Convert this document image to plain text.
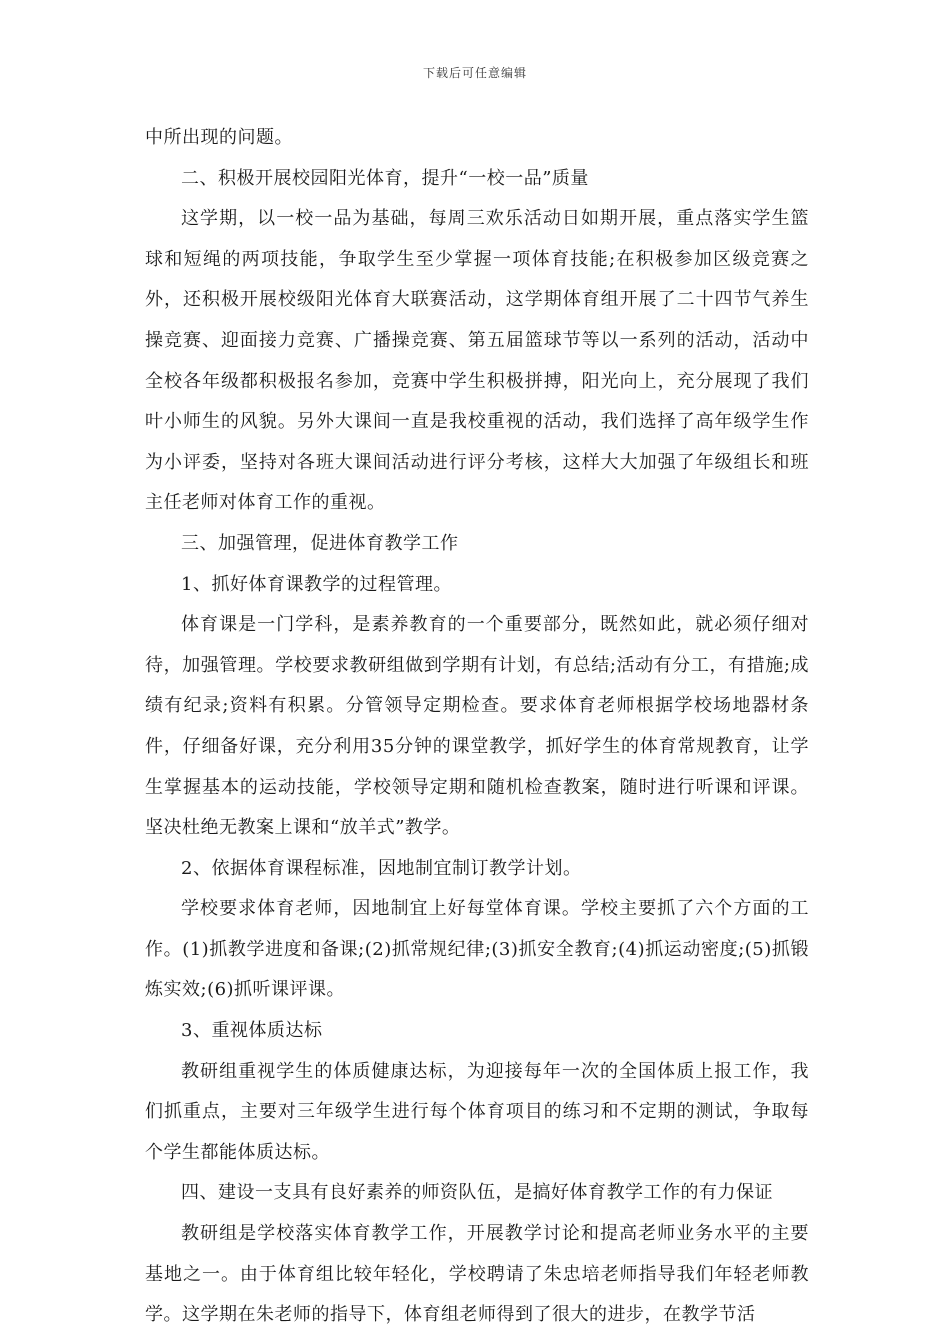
下载后可任意编辑

中所出现的问题。

二、积极开展校园阳光体育，提升“一校一品”质量

这学期，以一校一品为基础，每周三欢乐活动日如期开展，重点落实学生篮球和短绳的两项技能，争取学生至少掌握一项体育技能;在积极参加区级竞赛之外，还积极开展校级阳光体育大联赛活动，这学期体育组开展了二十四节气养生操竞赛、迎面接力竞赛、广播操竞赛、第五届篮球节等以一系列的活动，活动中全校各年级都积极报名参加，竞赛中学生积极拼搏，阳光向上，充分展现了我们叶小师生的风貌。另外大课间一直是我校重视的活动，我们选择了高年级学生作为小评委，坚持对各班大课间活动进行评分考核，这样大大加强了年级组长和班主任老师对体育工作的重视。

三、加强管理，促进体育教学工作

1、抓好体育课教学的过程管理。

体育课是一门学科，是素养教育的一个重要部分，既然如此，就必须仔细对待，加强管理。学校要求教研组做到学期有计划，有总结;活动有分工，有措施;成绩有纪录;资料有积累。分管领导定期检查。要求体育老师根据学校场地器材条件，仔细备好课，充分利用35分钟的课堂教学，抓好学生的体育常规教育，让学生掌握基本的运动技能，学校领导定期和随机检查教案，随时进行听课和评课。坚决杜绝无教案上课和“放羊式”教学。

2、依据体育课程标准，因地制宜制订教学计划。

学校要求体育老师，因地制宜上好每堂体育课。学校主要抓了六个方面的工作。(1)抓教学进度和备课;(2)抓常规纪律;(3)抓安全教育;(4)抓运动密度;(5)抓锻炼实效;(6)抓听课评课。

3、重视体质达标

教研组重视学生的体质健康达标，为迎接每年一次的全国体质上报工作，我们抓重点，主要对三年级学生进行每个体育项目的练习和不定期的测试，争取每个学生都能体质达标。

四、建设一支具有良好素养的师资队伍，是搞好体育教学工作的有力保证

教研组是学校落实体育教学工作，开展教学讨论和提高老师业务水平的主要基地之一。由于体育组比较年轻化，学校聘请了朱忠培老师指导我们年轻老师教学。这学期在朱老师的指导下，体育组老师得到了很大的进步，在教学节活
